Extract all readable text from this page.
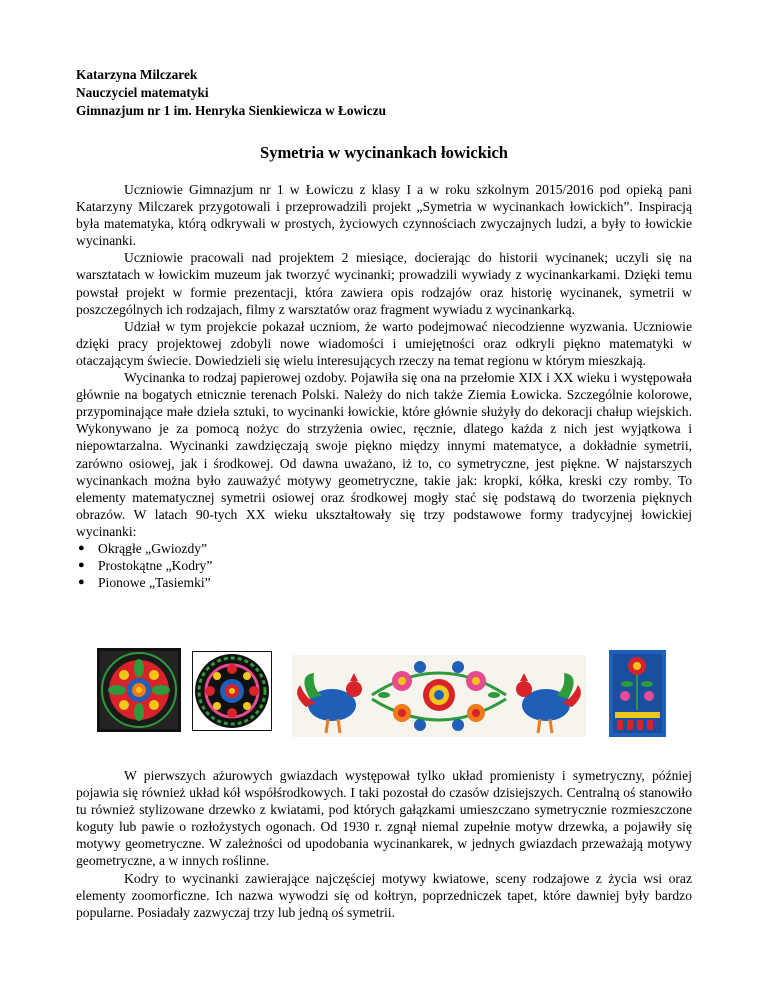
Katarzyna Milczarek
Nauczyciel matematyki
Gimnazjum nr 1 im. Henryka Sienkiewicza w Łowiczu
Symetria w wycinankach łowickich

Uczniowie Gimnazjum nr 1 w Łowiczu z klasy I a w roku szkolnym 2015/2016 pod opieką pani Katarzyny Milczarek przygotowali i przeprowadzili projekt „Symetria w wycinankach łowickich”. Inspiracją była matematyka, którą odkrywali w prostych, życiowych czynnościach zwyczajnych ludzi, a były to łowickie wycinanki.

Uczniowie pracowali nad projektem 2 miesiące, docierając do historii wycinanek; uczyli się na warsztatach w łowickim muzeum jak tworzyć wycinanki; prowadzili wywiady z wycinankarkami. Dzięki temu powstał projekt w formie prezentacji, która zawiera opis rodzajów oraz historię wycinanek, symetrii w poszczególnych ich rodzajach, filmy z warsztatów oraz fragment wywiadu z wycinankarką.

Udział w tym projekcie pokazał uczniom, że warto podejmować niecodzienne wyzwania. Uczniowie dzięki pracy projektowej zdobyli nowe wiadomości i umiejętności oraz odkryli piękno matematyki w otaczającym świecie. Dowiedzieli się wielu interesujących rzeczy na temat regionu w którym mieszkają.

Wycinanka to rodzaj papierowej ozdoby. Pojawiła się ona na przełomie XIX i XX wieku i występowała głównie na bogatych etnicznie terenach Polski. Należy do nich także Ziemia Łowicka. Szczególnie kolorowe, przypominające małe dzieła sztuki, to wycinanki łowickie, które głównie służyły do dekoracji chałup wiejskich. Wykonywano je za pomocą nożyc do strzyżenia owiec, ręcznie, dlatego każda z nich jest wyjątkowa i niepowtarzalna. Wycinanki zawdzięczają swoje piękno między innymi matematyce, a dokładnie symetrii, zarówno osiowej, jak i środkowej. Od dawna uważano, iż to, co symetryczne, jest piękne. W najstarszych wycinankach można było zauważyć motywy geometryczne, takie jak: kropki, kółka, kreski czy romby. To elementy matematycznej symetrii osiowej oraz środkowej mogły stać się podstawą do tworzenia pięknych obrazów. W latach 90-tych XX wieku ukształtowały się trzy podstawowe formy tradycyjnej łowickiej wycinanki:

● Okrągłe „Gwiozdy”
● Prostokątne „Kodry”
● Pionowe „Tasiemki”

W pierwszych ażurowych gwiazdach występował tylko układ promienisty i symetryczny, później pojawia się również układ kół współśrodkowych. I taki pozostał do czasów dzisiejszych. Centralną oś stanowiło tu również stylizowane drzewko z kwiatami, pod których gałązkami umieszczano symetrycznie rozmieszczone koguty lub pawie o rozłożystych ogonach. Od 1930 r. zgnął niemal zupełnie motyw drzewka, a pojawiły się motywy geometryczne. W zależności od upodobania wycinankarek, w jednych gwiazdach przeważają motywy geometryczne, a w innych roślinne.

Kodry to wycinanki zawierające najczęściej motywy kwiatowe, sceny rodzajowe z życia wsi oraz elementy zoomorficzne. Ich nazwa wywodzi się od kołtryn, poprzedniczek tapet, które dawniej były bardzo popularne. Posiadały zazwyczaj trzy lub jedną oś symetrii.
